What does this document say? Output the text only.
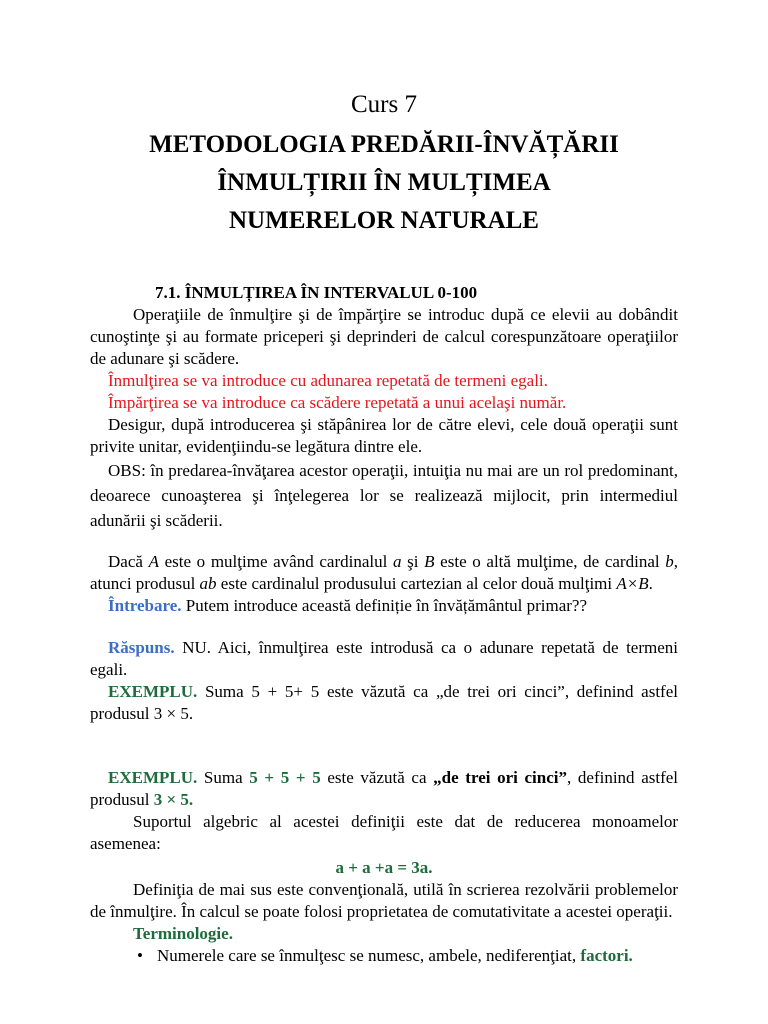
Curs 7
METODOLOGIA PREDĂRII-ÎNVĂȚĂRII
ÎNMULȚIRII ÎN MULȚIMEA
NUMERELOR NATURALE
7.1. ÎNMULȚIREA ÎN INTERVALUL 0-100

Operaţiile de înmulţire şi de împărţire se introduc după ce elevii au dobândit cunoştinţe şi au formate priceperi şi deprinderi de calcul corespunzătoare operaţiilor de adunare şi scădere.

Înmulţirea se va introduce cu adunarea repetată de termeni egali.

Împărţirea se va introduce ca scădere repetată a unui acelaşi număr.

Desigur, după introducerea şi stăpânirea lor de către elevi, cele două operaţii sunt privite unitar, evidenţiindu-se legătura dintre ele.

OBS: în predarea-învăţarea acestor operaţii, intuiţia nu mai are un rol predominant, deoarece cunoaşterea şi înţelegerea lor se realizează mijlocit, prin intermediul adunării şi scăderii.

Dacă A este o mulţime având cardinalul a şi B este o altă mulţime, de cardinal b, atunci produsul ab este cardinalul produsului cartezian al celor două mulţimi A×B.

Întrebare. Putem introduce această definiție în învățământul primar??

Răspuns. NU. Aici, înmulţirea este introdusă ca o adunare repetată de termeni egali.

EXEMPLU. Suma 5 + 5+ 5 este văzută ca „de trei ori cinci”, definind astfel produsul 3 × 5.

EXEMPLU. Suma 5 + 5 + 5 este văzută ca „de trei ori cinci”, definind astfel produsul 3 × 5.

Suportul algebric al acestei definiţii este dat de reducerea monoamelor asemenea:

a + a +a = 3a.

Definiţia de mai sus este convenţională, utilă în scrierea rezolvării problemelor de înmulţire. În calcul se poate folosi proprietatea de comutativitate a acestei operaţii.

Terminologie.

• Numerele care se înmulţesc se numesc, ambele, nediferenţiat, factori.
